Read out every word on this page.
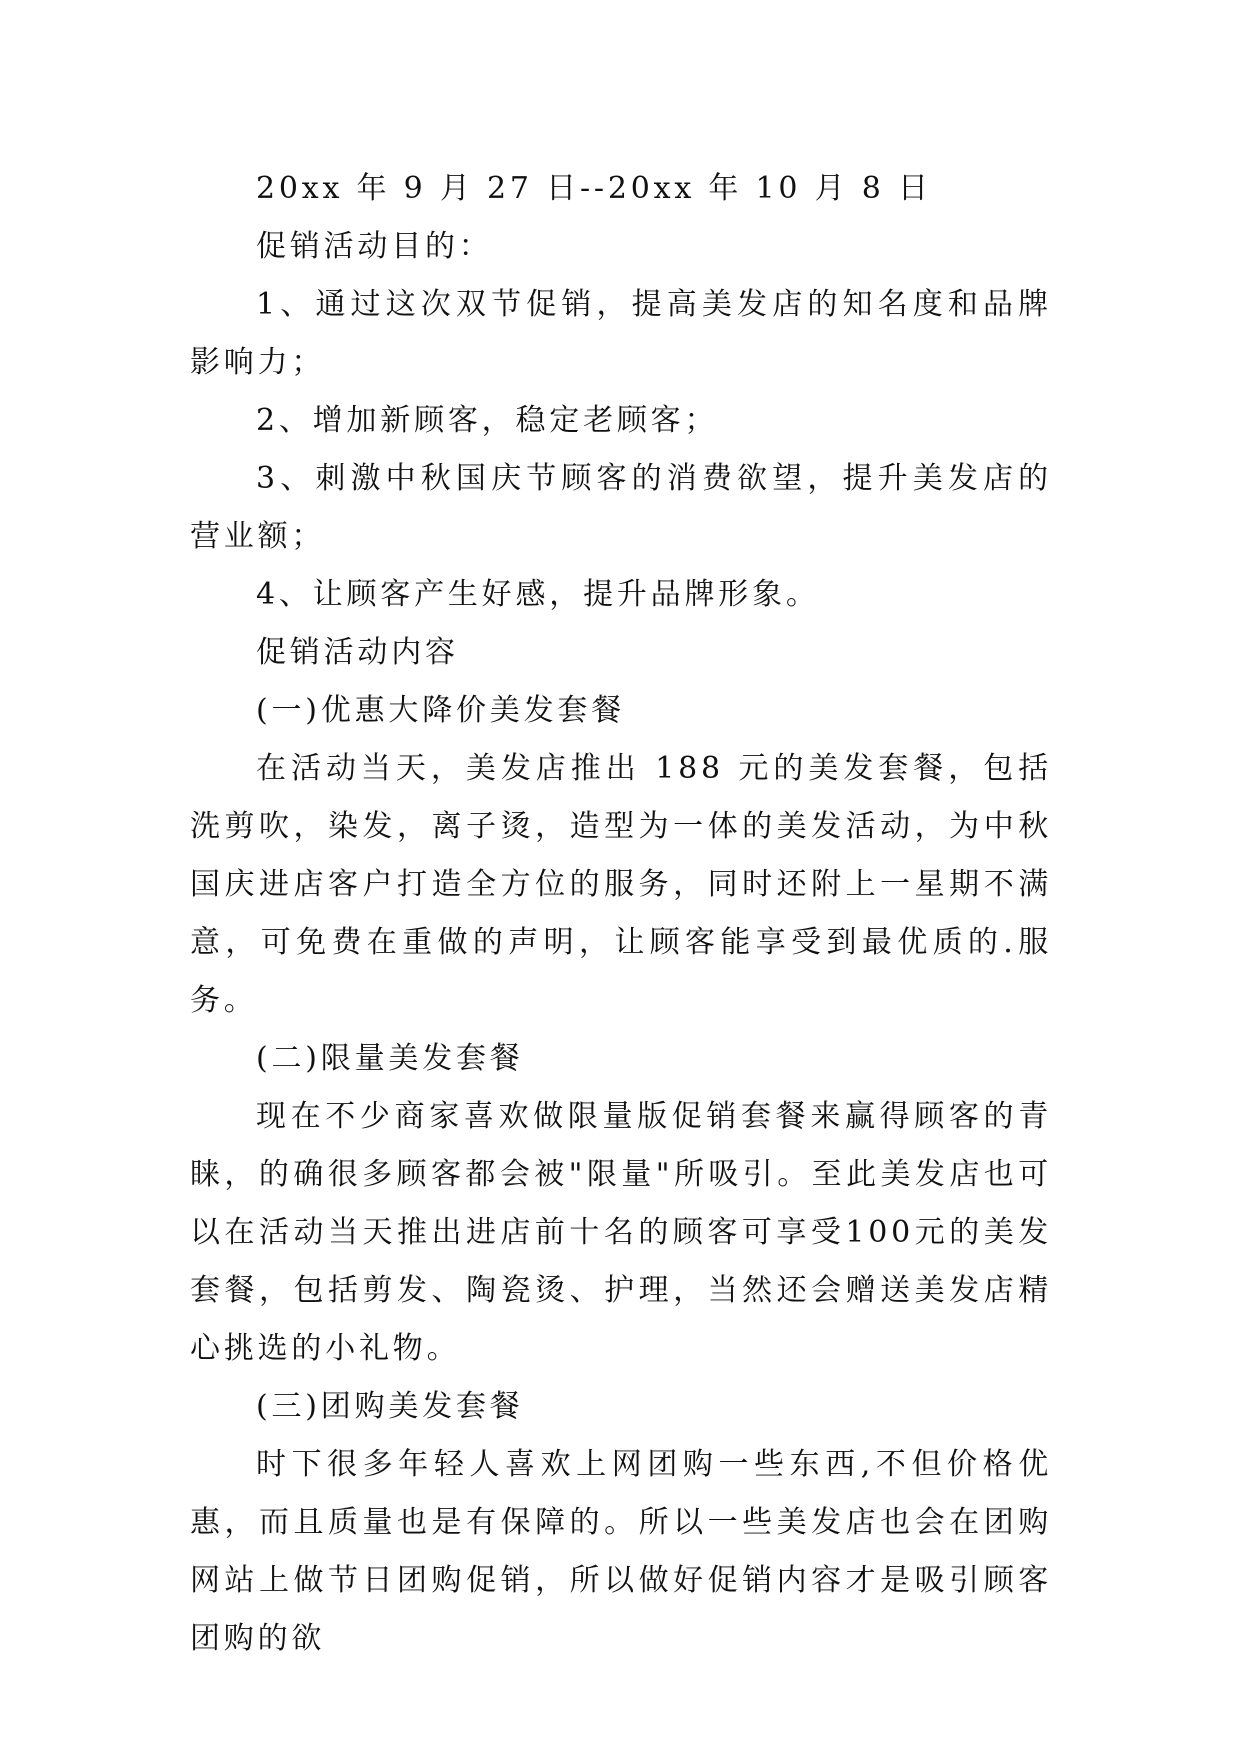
20xx 年 9 月 27 日--20xx 年 10 月 8 日

促销活动目的：

1、通过这次双节促销，提高美发店的知名度和品牌影响力；

2、增加新顾客，稳定老顾客；

3、刺激中秋国庆节顾客的消费欲望，提升美发店的营业额；

4、让顾客产生好感，提升品牌形象。

促销活动内容

(一)优惠大降价美发套餐

在活动当天，美发店推出 188 元的美发套餐，包括洗剪吹，染发，离子烫，造型为一体的美发活动，为中秋国庆进店客户打造全方位的服务，同时还附上一星期不满意，可免费在重做的声明，让顾客能享受到最优质的.服务。

(二)限量美发套餐

现在不少商家喜欢做限量版促销套餐来赢得顾客的青睐，的确很多顾客都会被"限量"所吸引。至此美发店也可以在活动当天推出进店前十名的顾客可享受100元的美发套餐，包括剪发、陶瓷烫、护理，当然还会赠送美发店精心挑选的小礼物。

(三)团购美发套餐

时下很多年轻人喜欢上网团购一些东西,不但价格优惠，而且质量也是有保障的。所以一些美发店也会在团购网站上做节日团购促销，所以做好促销内容才是吸引顾客团购的欲
